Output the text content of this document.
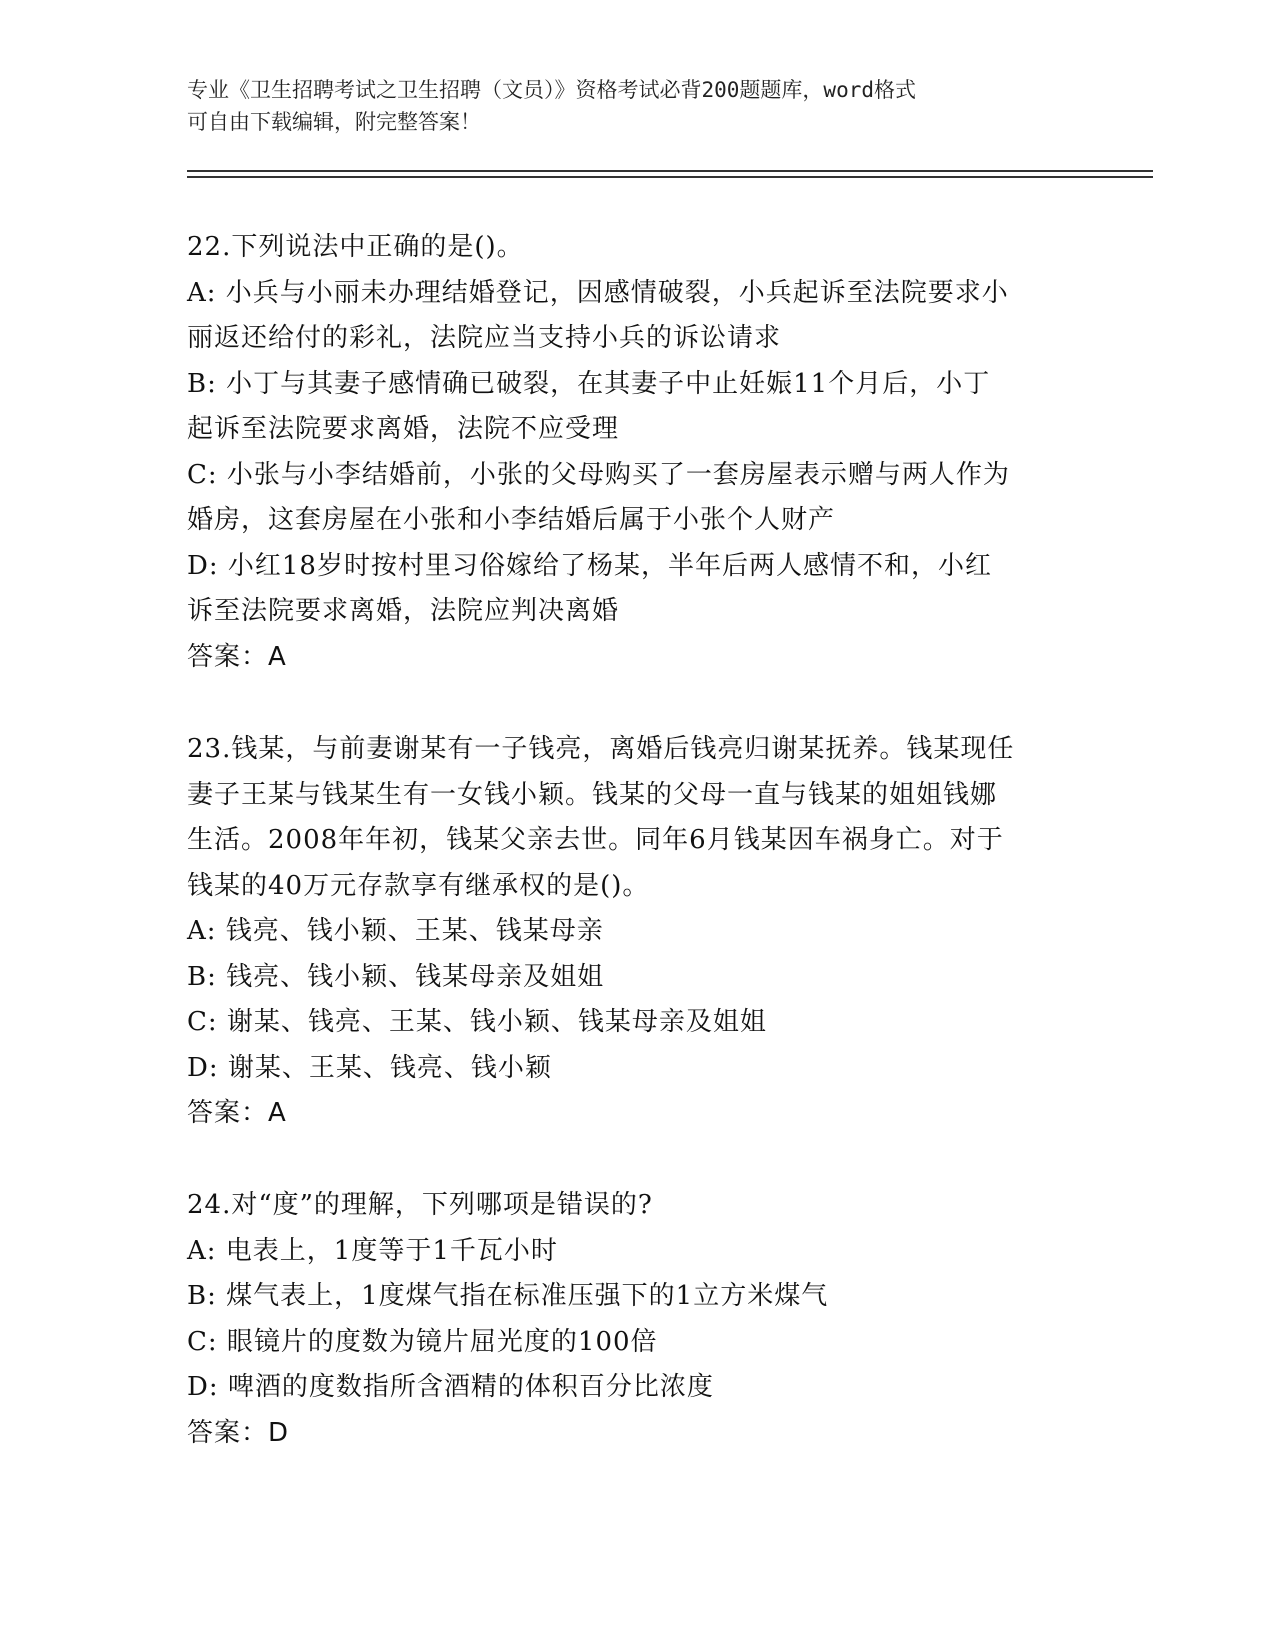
专业《卫生招聘考试之卫生招聘（文员）》资格考试必背200题题库，word格式
可自由下载编辑，附完整答案！

22.下列说法中正确的是()。

A: 小兵与小丽未办理结婚登记，因感情破裂，小兵起诉至法院要求小

丽返还给付的彩礼，法院应当支持小兵的诉讼请求

B: 小丁与其妻子感情确已破裂，在其妻子中止妊娠11个月后，小丁

起诉至法院要求离婚，法院不应受理

C: 小张与小李结婚前，小张的父母购买了一套房屋表示赠与两人作为

婚房，这套房屋在小张和小李结婚后属于小张个人财产

D: 小红18岁时按村里习俗嫁给了杨某，半年后两人感情不和，小红

诉至法院要求离婚，法院应判决离婚

答案：A

23.钱某，与前妻谢某有一子钱亮，离婚后钱亮归谢某抚养。钱某现任

妻子王某与钱某生有一女钱小颖。钱某的父母一直与钱某的姐姐钱娜

生活。2008年年初，钱某父亲去世。同年6月钱某因车祸身亡。对于

钱某的40万元存款享有继承权的是()。

A: 钱亮、钱小颖、王某、钱某母亲

B: 钱亮、钱小颖、钱某母亲及姐姐

C: 谢某、钱亮、王某、钱小颖、钱某母亲及姐姐

D: 谢某、王某、钱亮、钱小颖

答案：A

24.对“度”的理解，下列哪项是错误的?

A: 电表上，1度等于1千瓦小时

B: 煤气表上，1度煤气指在标准压强下的1立方米煤气

C: 眼镜片的度数为镜片屈光度的100倍

D: 啤酒的度数指所含酒精的体积百分比浓度

答案：D
